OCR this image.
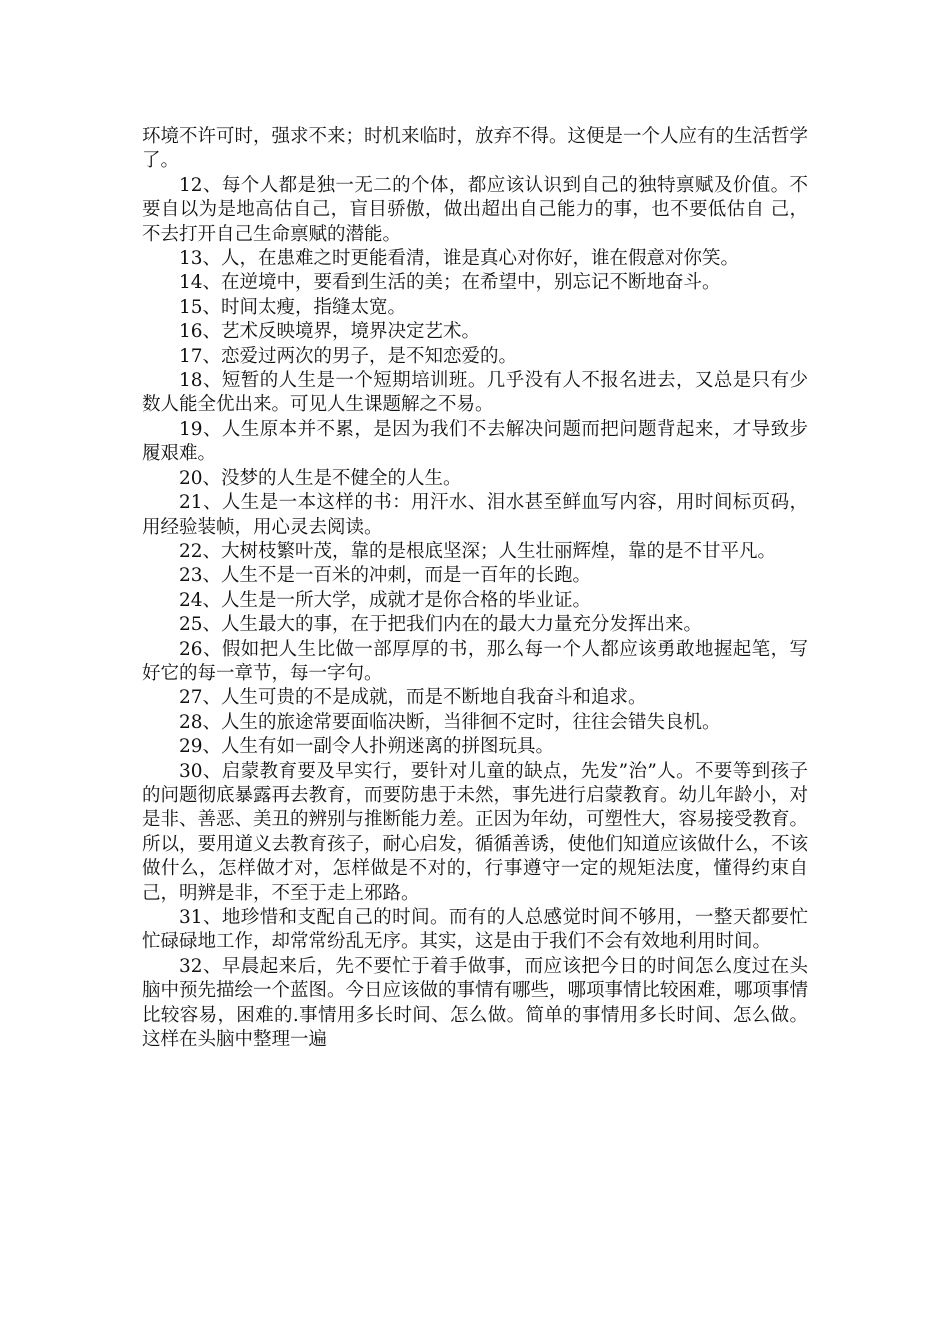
环境不许可时，强求不来；时机来临时，放弃不得。这便是一个人应有的生活哲学了。

12、每个人都是独一无二的个体，都应该认识到自己的独特禀赋及价值。不 要自以为是地高估自己，盲目骄傲，做出超出自己能力的事，也不要低估自 己，不去打开自己生命禀赋的潜能。

13、人，在患难之时更能看清，谁是真心对你好，谁在假意对你笑。

14、在逆境中，要看到生活的美；在希望中，别忘记不断地奋斗。

15、时间太瘦，指缝太宽。

16、艺术反映境界，境界决定艺术。

17、恋爱过两次的男子，是不知恋爱的。

18、短暂的人生是一个短期培训班。几乎没有人不报名进去，又总是只有少数人能全优出来。可见人生课题解之不易。

19、人生原本并不累，是因为我们不去解决问题而把问题背起来，才导致步履艰难。

20、没梦的人生是不健全的人生。

21、人生是一本这样的书：用汗水、泪水甚至鲜血写内容，用时间标页码，用经验装帧，用心灵去阅读。

22、大树枝繁叶茂，靠的是根底坚深；人生壮丽辉煌，靠的是不甘平凡。

23、人生不是一百米的冲刺，而是一百年的长跑。

24、人生是一所大学，成就才是你合格的毕业证。

25、人生最大的事，在于把我们内在的最大力量充分发挥出来。

26、假如把人生比做一部厚厚的书，那么每一个人都应该勇敢地握起笔，写好它的每一章节，每一字句。

27、人生可贵的不是成就，而是不断地自我奋斗和追求。

28、人生的旅途常要面临决断，当徘徊不定时，往往会错失良机。

29、人生有如一副令人扑朔迷离的拼图玩具。

30、启蒙教育要及早实行，要针对儿童的缺点，先发”治”人。不要等到孩子的问题彻底暴露再去教育，而要防患于未然，事先进行启蒙教育。幼儿年龄小，对是非、善恶、美丑的辨别与推断能力差。正因为年幼，可塑性大，容易接受教育。所以，要用道义去教育孩子，耐心启发，循循善诱，使他们知道应该做什么，不该做什么，怎样做才对，怎样做是不对的，行事遵守一定的规矩法度，懂得约束自己，明辨是非，不至于走上邪路。

31、地珍惜和支配自己的时间。而有的人总感觉时间不够用，一整天都要忙忙碌碌地工作，却常常纷乱无序。其实，这是由于我们不会有效地利用时间。

32、早晨起来后，先不要忙于着手做事，而应该把今日的时间怎么度过在头脑中预先描绘一个蓝图。今日应该做的事情有哪些，哪项事情比较困难，哪项事情比较容易，困难的.事情用多长时间、怎么做。简单的事情用多长时间、怎么做。这样在头脑中整理一遍
